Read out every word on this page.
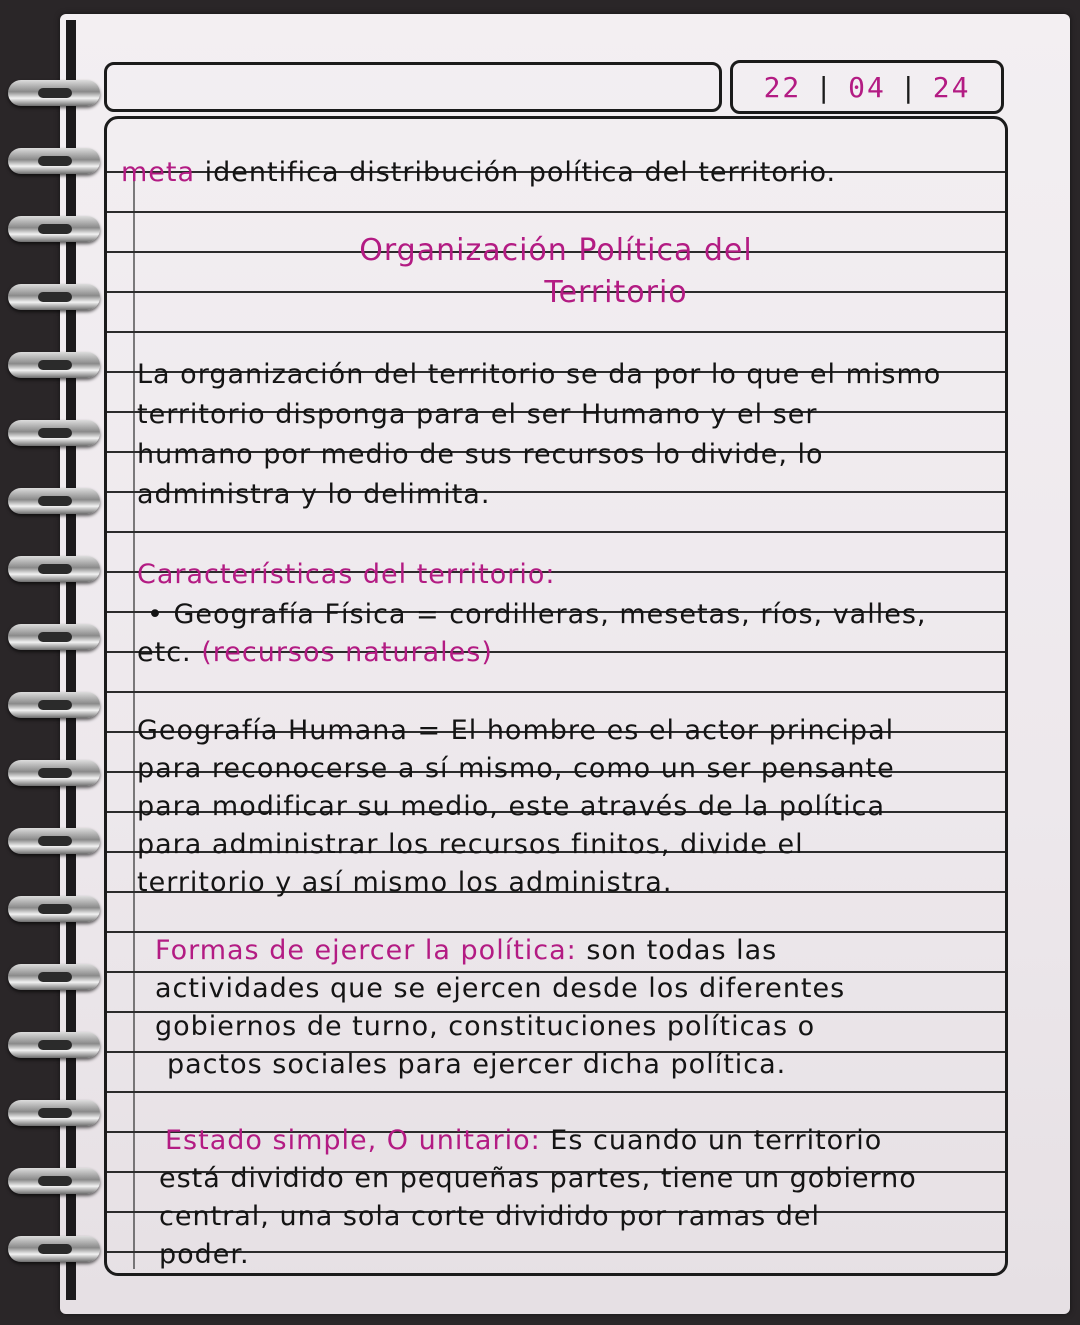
22 | 04 | 24
meta identifica distribución política del territorio.
Organización Política del
Territorio
La organización del territorio se da por lo que el mismo
territorio disponga para el ser Humano y el ser
humano por medio de sus recursos lo divide, lo
administra y lo delimita.
Características del territorio:
• Geografía Física = cordilleras, mesetas, ríos, valles,
etc. (recursos naturales)
Geografía Humana = El hombre es el actor principal
para reconocerse a sí mismo, como un ser pensante
para modificar su medio, este através de la política
para administrar los recursos finitos, divide el
territorio y así mismo los administra.
Formas de ejercer la política: son todas las
actividades que se ejercen desde los diferentes
gobiernos de turno, constituciones políticas o
pactos sociales para ejercer dicha política.
Estado simple, O unitario: Es cuando un territorio
está dividido en pequeñas partes, tiene un gobierno
central, una sola corte dividido por ramas del
poder.
